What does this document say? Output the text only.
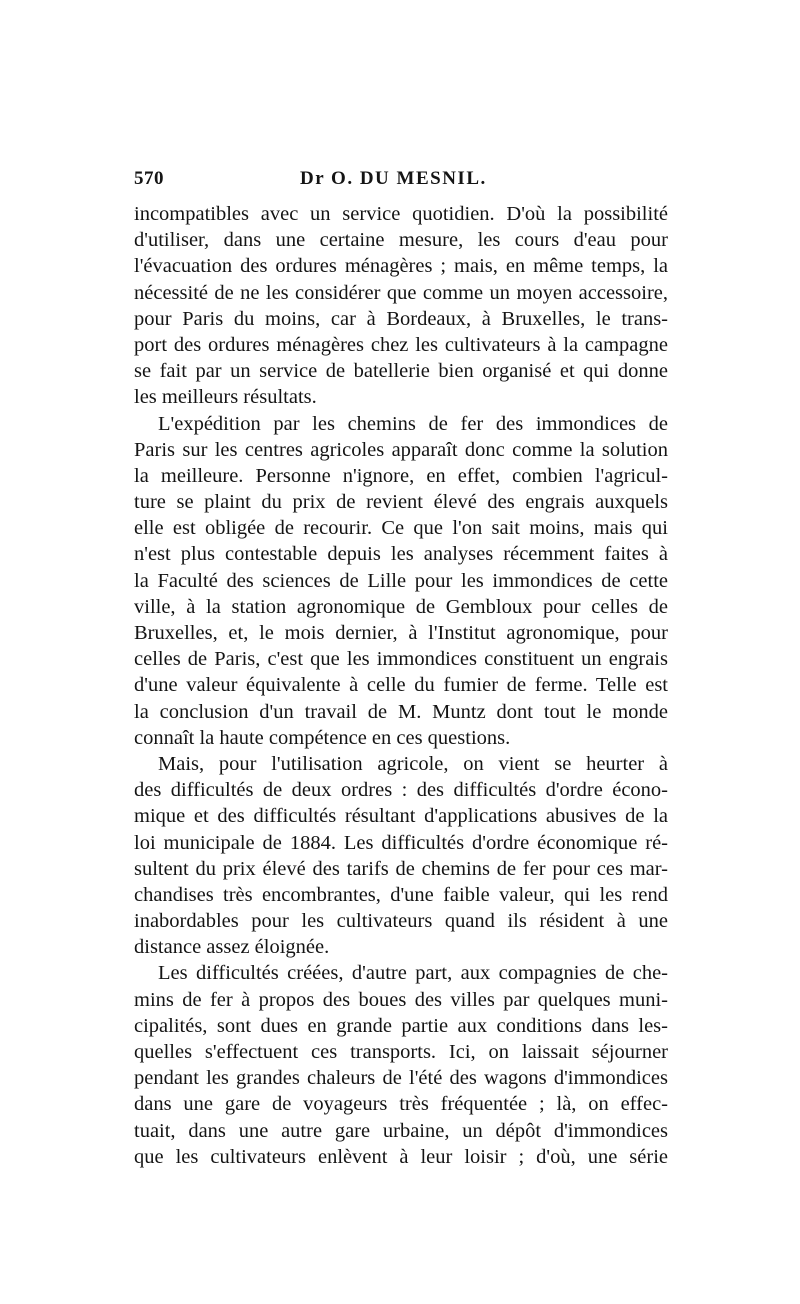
570	Dr O. DU MESNIL.
incompatibles avec un service quotidien. D'où la possibilité
d'utiliser, dans une certaine mesure, les cours d'eau pour
l'évacuation des ordures ménagères ; mais, en même temps, la
nécessité de ne les considérer que comme un moyen accessoire,
pour Paris du moins, car à Bordeaux, à Bruxelles, le trans-
port des ordures ménagères chez les cultivateurs à la campagne
se fait par un service de batellerie bien organisé et qui donne
les meilleurs résultats.
L'expédition par les chemins de fer des immondices de
Paris sur les centres agricoles apparaît donc comme la solution
la meilleure. Personne n'ignore, en effet, combien l'agricul-
ture se plaint du prix de revient élevé des engrais auxquels
elle est obligée de recourir. Ce que l'on sait moins, mais qui
n'est plus contestable depuis les analyses récemment faites à
la Faculté des sciences de Lille pour les immondices de cette
ville, à la station agronomique de Gembloux pour celles de
Bruxelles, et, le mois dernier, à l'Institut agronomique, pour
celles de Paris, c'est que les immondices constituent un engrais
d'une valeur équivalente à celle du fumier de ferme. Telle est
la conclusion d'un travail de M. Muntz dont tout le monde
connaît la haute compétence en ces questions.
Mais, pour l'utilisation agricole, on vient se heurter à
des difficultés de deux ordres : des difficultés d'ordre écono-
mique et des difficultés résultant d'applications abusives de la
loi municipale de 1884. Les difficultés d'ordre économique ré-
sultent du prix élevé des tarifs de chemins de fer pour ces mar-
chandises très encombrantes, d'une faible valeur, qui les rend
inabordables pour les cultivateurs quand ils résident à une
distance assez éloignée.
Les difficultés créées, d'autre part, aux compagnies de che-
mins de fer à propos des boues des villes par quelques muni-
cipalités, sont dues en grande partie aux conditions dans les-
quelles s'effectuent ces transports. Ici, on laissait séjourner
pendant les grandes chaleurs de l'été des wagons d'immondices
dans une gare de voyageurs très fréquentée ; là, on effec-
tuait, dans une autre gare urbaine, un dépôt d'immondices
que les cultivateurs enlèvent à leur loisir ; d'où, une série
